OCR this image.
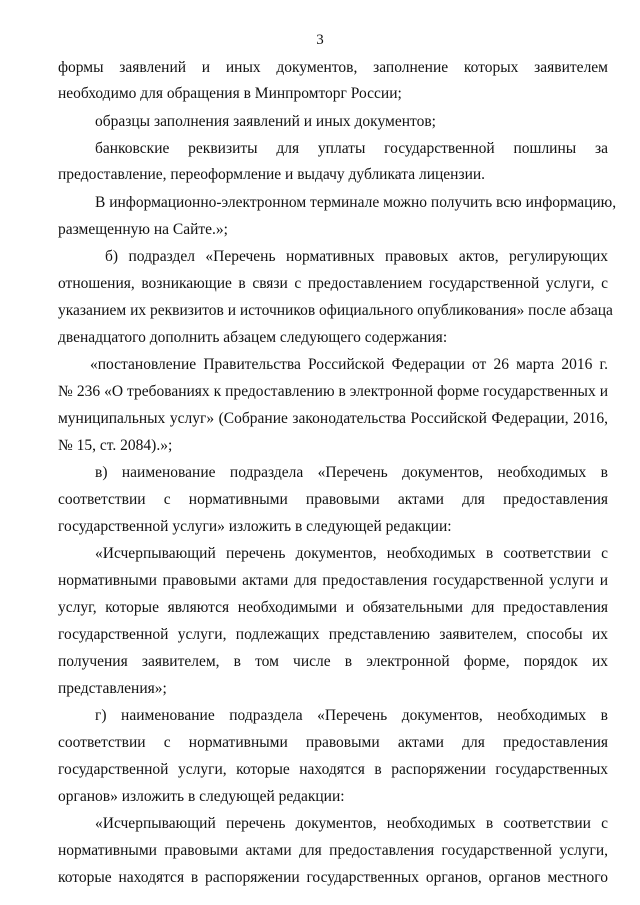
3
формы заявлений и иных документов, заполнение которых заявителем
необходимо для обращения в Минпромторг России;
образцы заполнения заявлений и иных документов;
банковские реквизиты для уплаты государственной пошлины за
предоставление, переоформление и выдачу дубликата лицензии.
В информационно-электронном терминале можно получить всю информацию,
размещенную на Сайте.»;
б) подраздел «Перечень нормативных правовых актов, регулирующих
отношения, возникающие в связи с предоставлением государственной услуги, с
указанием их реквизитов и источников официального опубликования» после абзаца
двенадцатого дополнить абзацем следующего содержания:
«постановление Правительства Российской Федерации от 26 марта 2016 г.
№ 236 «О требованиях к предоставлению в электронной форме государственных и
муниципальных услуг» (Собрание законодательства Российской Федерации, 2016,
№ 15, ст. 2084).»;
в) наименование подраздела «Перечень документов, необходимых в
соответствии с нормативными правовыми актами для предоставления
государственной услуги» изложить в следующей редакции:
«Исчерпывающий перечень документов, необходимых в соответствии с
нормативными правовыми актами для предоставления государственной услуги и
услуг, которые являются необходимыми и обязательными для предоставления
государственной услуги, подлежащих представлению заявителем, способы их
получения заявителем, в том числе в электронной форме, порядок их
представления»;
г) наименование подраздела «Перечень документов, необходимых в
соответствии с нормативными правовыми актами для предоставления
государственной услуги, которые находятся в распоряжении государственных
органов» изложить в следующей редакции:
«Исчерпывающий перечень документов, необходимых в соответствии с
нормативными правовыми актами для предоставления государственной услуги,
которые находятся в распоряжении государственных органов, органов местного
